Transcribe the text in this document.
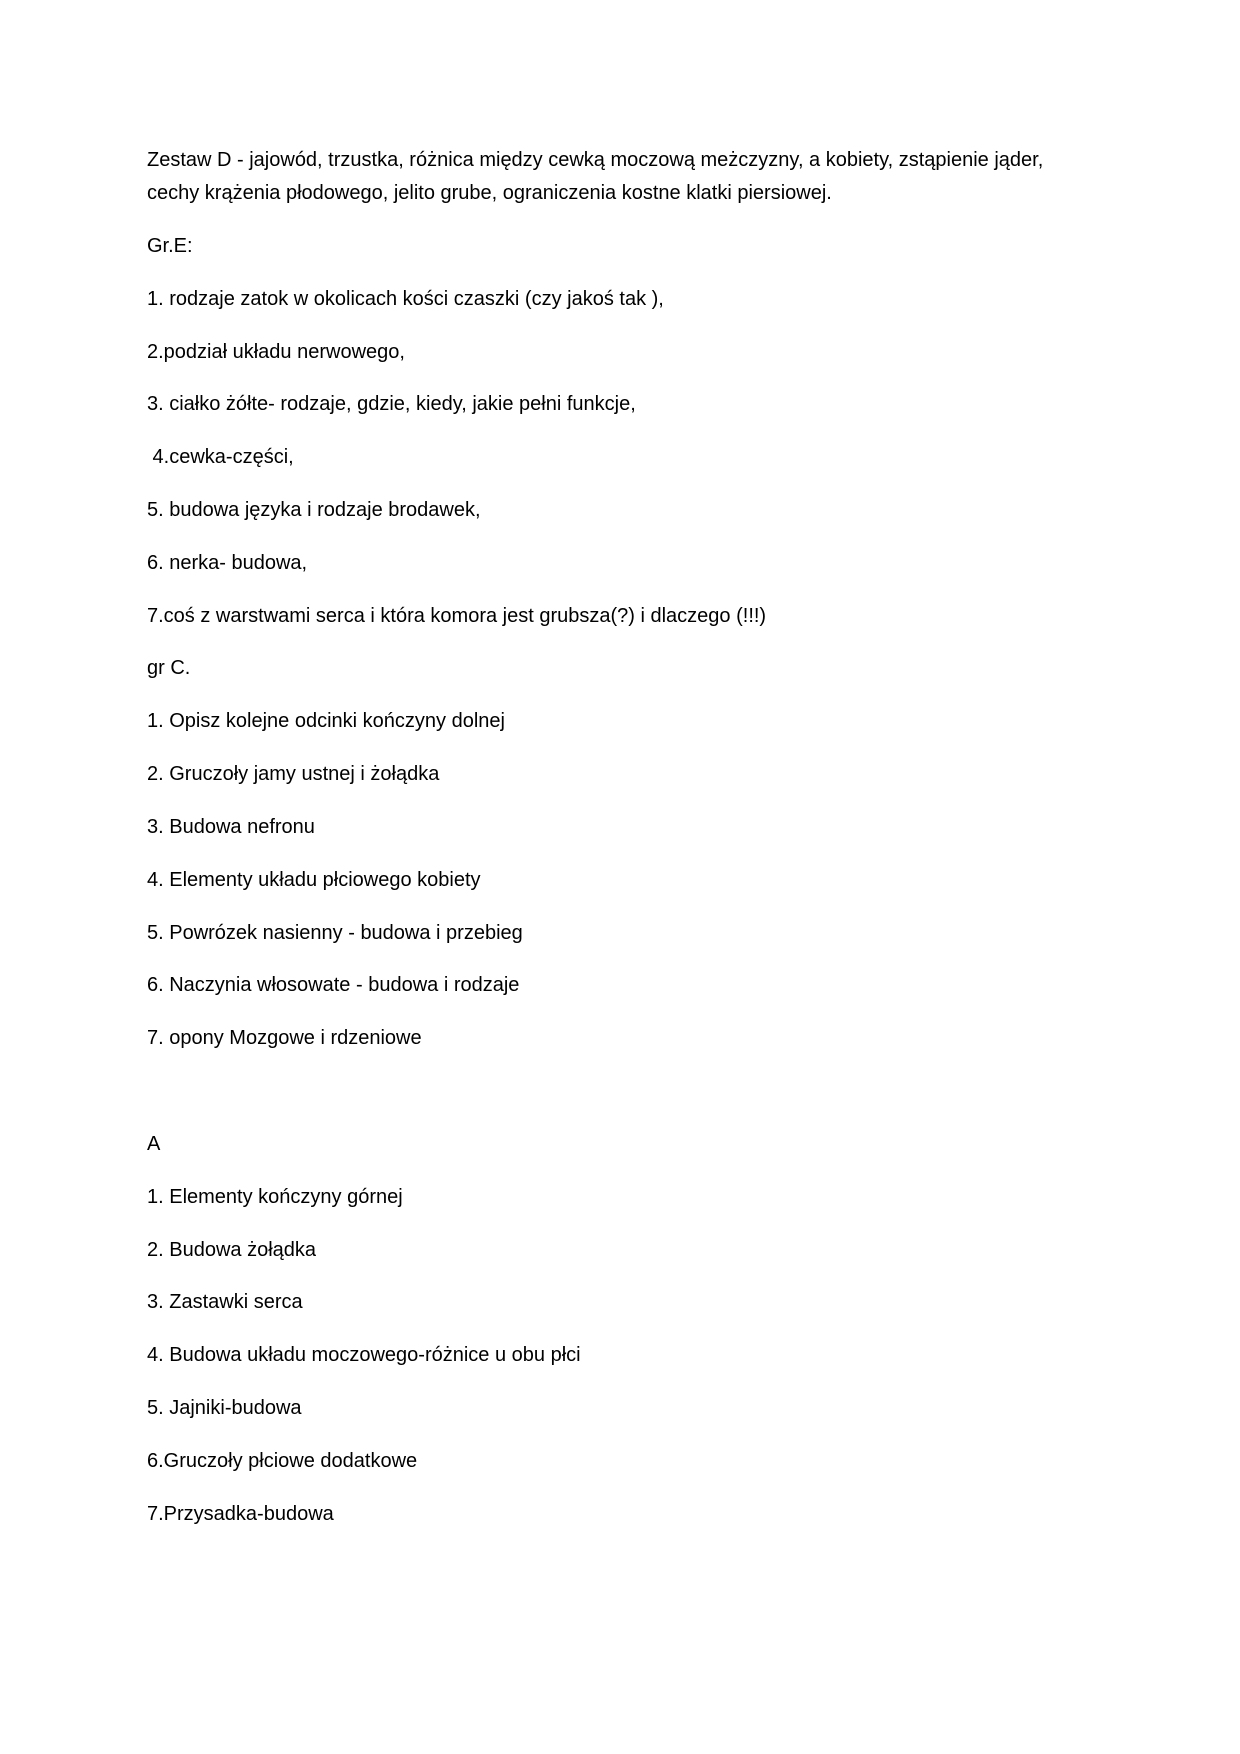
Zestaw D - jajowód, trzustka, różnica między cewką moczową meżczyzny, a kobiety, zstąpienie jąder,
cechy krążenia płodowego, jelito grube, ograniczenia kostne klatki piersiowej.
Gr.E:
1. rodzaje zatok w okolicach kości czaszki (czy jakoś tak ),
2.podział układu nerwowego,
3. ciałko żółte- rodzaje, gdzie, kiedy, jakie pełni funkcje,
4.cewka-części,
5. budowa języka i rodzaje brodawek,
6. nerka- budowa,
7.coś z warstwami serca i która komora jest grubsza(?) i dlaczego (!!!)
gr C.
1. Opisz kolejne odcinki kończyny dolnej
2. Gruczoły jamy ustnej i żołądka
3. Budowa nefronu
4. Elementy układu płciowego kobiety
5. Powrózek nasienny - budowa i przebieg
6. Naczynia włosowate - budowa i rodzaje
7. opony Mozgowe i rdzeniowe
A
1. Elementy kończyny górnej
2. Budowa żołądka
3. Zastawki serca
4. Budowa układu moczowego-różnice u obu płci
5. Jajniki-budowa
6.Gruczoły płciowe dodatkowe
7.Przysadka-budowa
